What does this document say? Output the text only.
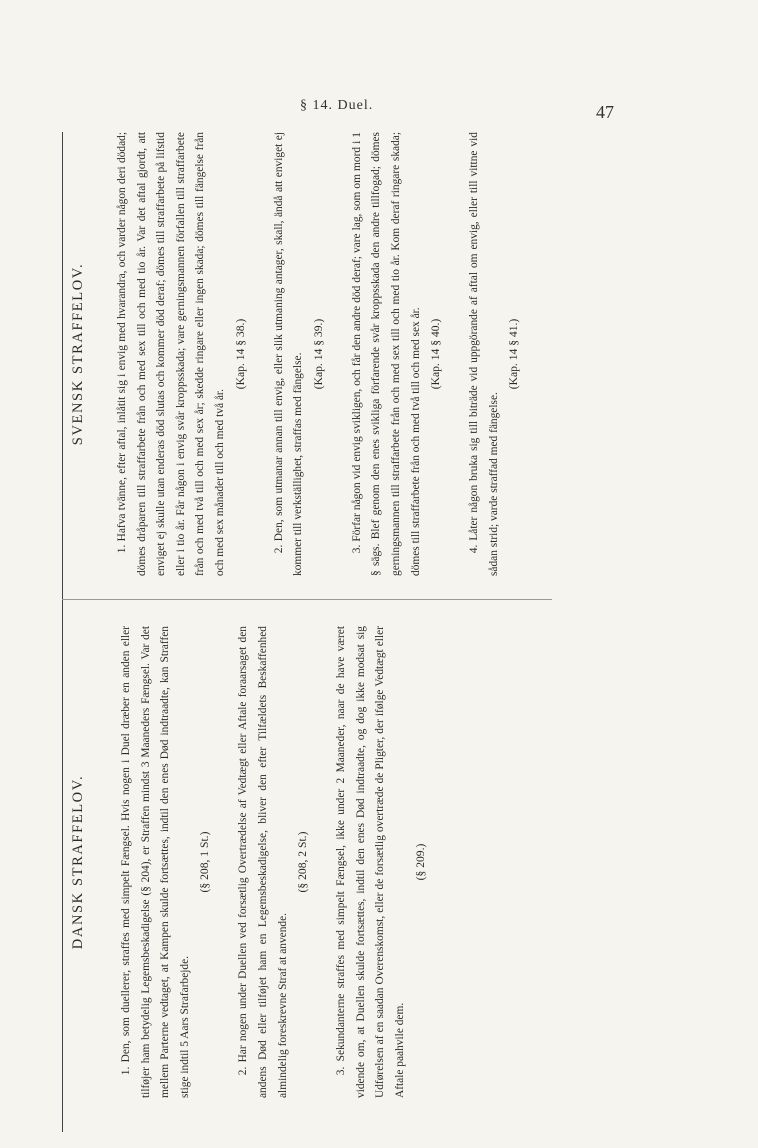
§ 14. Duel.	47
DANSK STRAFFELOV.	1. Den, som duellerer, straffes med simpelt Fængsel. Hvis nogen i Duel dræber en anden eller tilføjer ham betydelig Legemsbeskadigelse (§ 204), er Straffen mindst 3 Maaneders Fængsel. Var det mellem Parterne vedtaget, at Kampen skulde fortsættes, indtil den enes Død indtraadte, kan Straffen stige indtil 5 Aars Strafarbejde.

(§ 208, 1 St.) 2. Har nogen under Duellen ved forsætlig Overtrædelse af Vedtægt eller Aftale foraarsaget den andens Død eller tilføjet ham en Legemsbeskadigelse, bliver den efter Tilfældets Beskaffenhed almindelig foreskrevne Straf at anvende.

(§ 208, 2 St.) 3. Sekundanterne straffes med simpelt Fængsel, ikke under 2 Maaneder, naar de have været vidende om, at Duellen skulde fortsættes, indtil den enes Død indtraadte, og dog ikke modsat sig Udførelsen af en saadan Overenskomst, eller de forsætlig overtræde de Pligter, der ifølge Vedtægt eller Aftale paahvile dem.

(§ 209.)

SVENSK STRAFFELOV.	1. Hafva tvänne, efter aftal, inlåtit sig i envig med hvarandra, och varder någon deri dödad; dömes dråparen till straffarbete från och med sex till och med tio år. Var det aftal gjordt, att enviget ej skulle utan enderas död slutas och kommer död deraf; dömes till straffarbete på lifstid eller i tio år. Får någon i envig svår kroppsskada; vare gerningsmannen förfallen till straffarbete från och med två till och med sex år; skedde ringare eller ingen skada; dömes till fängelse från och med sex månader till och med två år.

(Kap. 14 § 38.) 2. Den, som utmanar annan till envig, eller slik utmaning antager, skall, ändå att enviget ej kommer till verkställighet, straffas med fängelse. (Kap. 14 § 39.) 3. Förfar någon vid envig svikligen, och får den andre död deraf; vare lag, som om mord i 1 § sägs. Blef genom den enes svikliga förfarende svår kroppsskada den andre tillfogad; dömes gerningsmannen till straffarbete från och med sex till och med tio år. Kom deraf ringare skada; dömes till straffarbete från och med två till och med sex år. (Kap. 14 § 40.) 4. Låter någon bruka sig till biträde vid uppgörande af aftal om envig, eller till vittne vid sådan strid; varde straffad med fängelse.

(Kap. 14 § 41.)
